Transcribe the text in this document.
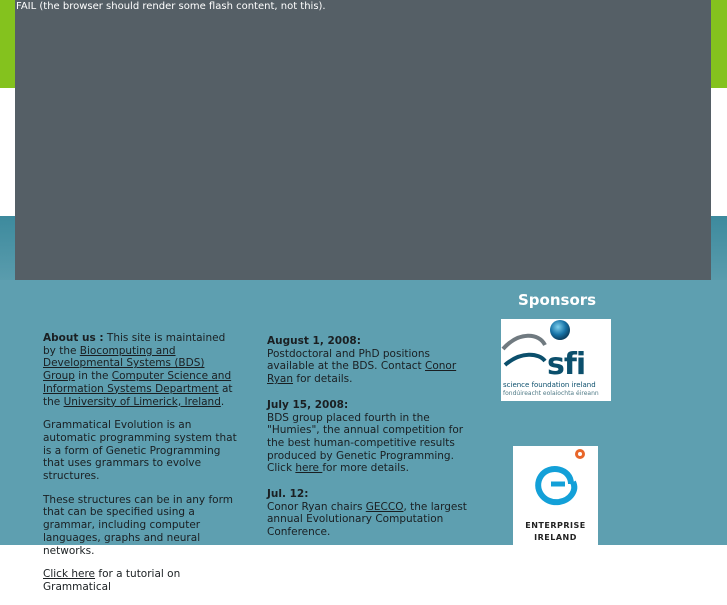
FAIL (the browser should render some flash content, not this).

About us : This site is maintained by the Biocomputing and Developmental Systems (BDS) Group in the Computer Science and Information Systems Department at the University of Limerick, Ireland.

Grammatical Evolution is an automatic programming system that is a form of Genetic Programming that uses grammars to evolve structures.

These structures can be in any form that can be specified using a grammar, including computer languages, graphs and neural networks.

Click here for a tutorial on Grammatical

August 1, 2008:
Postdoctoral and PhD positions available at the BDS. Contact Conor Ryan for details.
July 15, 2008:
BDS group placed fourth in the "Humies", the annual competition for the best human-competitive results produced by Genetic Programming. Click here for more details.
Jul. 12:
Conor Ryan chairs GECCO, the largest annual Evolutionary Computation Conference.
Sponsors
science foundation ireland
fondúireacht eolaíochta éireann
sfi
ENTERPRISE
IRELAND
